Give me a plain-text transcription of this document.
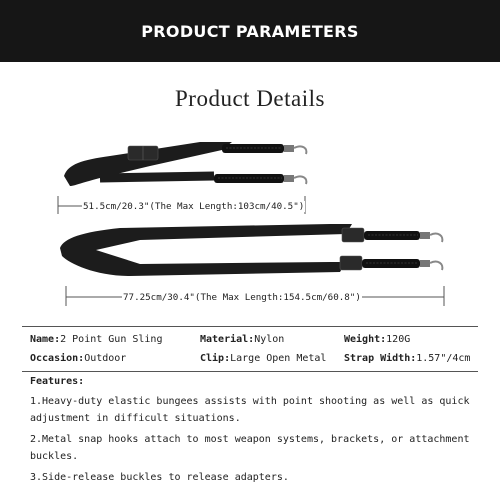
PRODUCT PARAMETERS
Product Details
51.5cm/20.3"(The Max Length:103cm/40.5")
77.25cm/30.4"(The Max Length:154.5cm/60.8")
Name:2 Point Gun Sling	Material:Nylon	Weight:120G
Occasion:Outdoor	Clip:Large Open Metal Strap Width:1.57"/4cm
Features:
1.Heavy-duty elastic bungees assists with point shooting as well as quick adjustment in difficult situations.
2.Metal snap hooks attach to most weapon systems, brackets, or attachment buckles.
3.Side-release buckles to release adapters.
